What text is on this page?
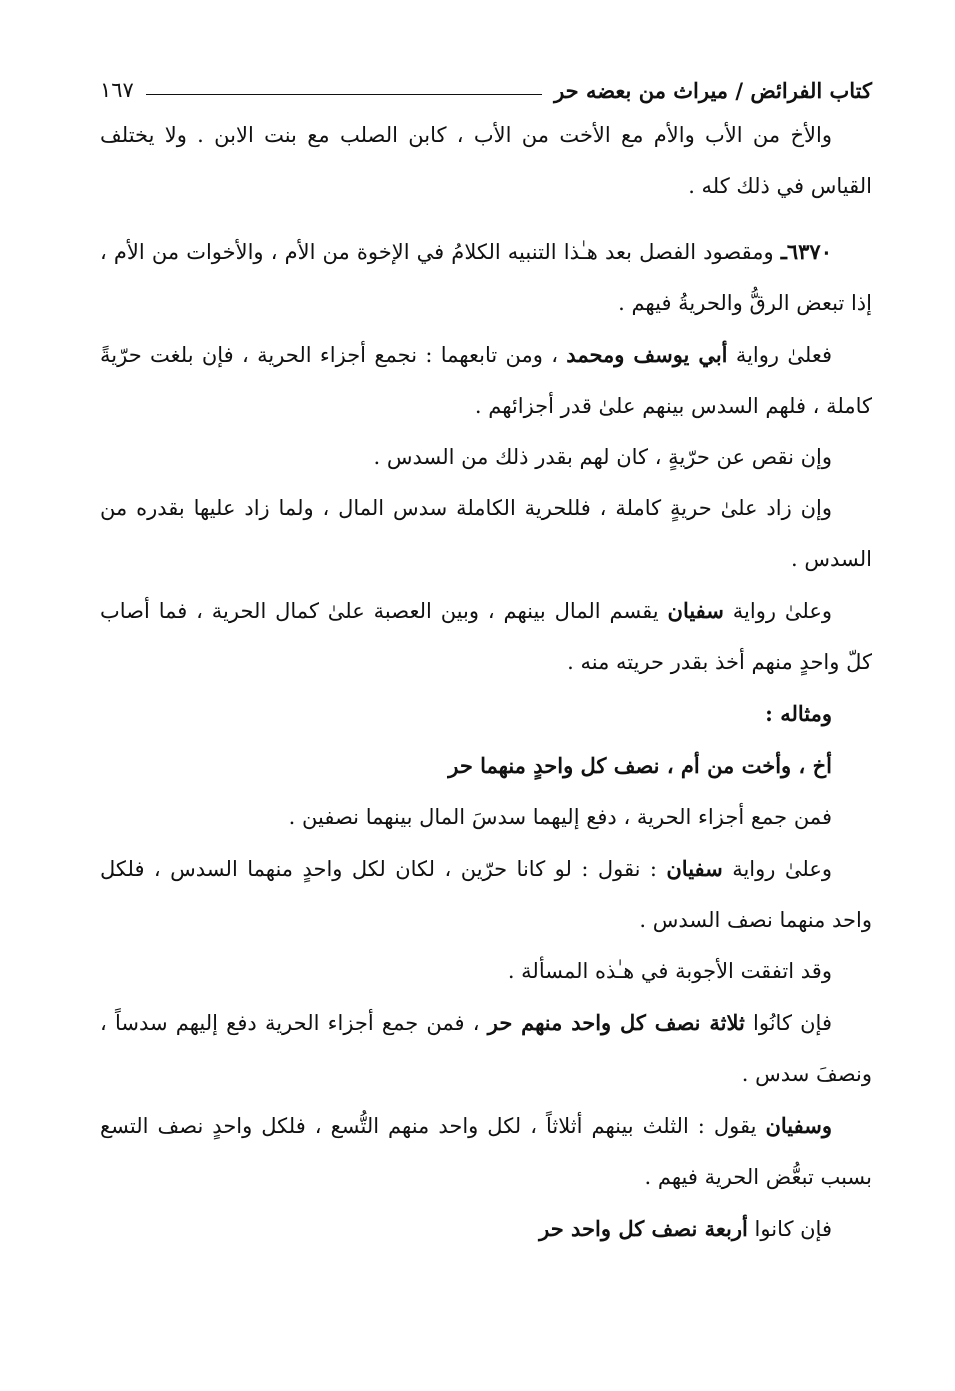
كتاب الفرائض / ميراث من بعضه حر
١٦٧

والأخ من الأب والأم مع الأخت من الأب ، كابن الصلب مع بنت الابن . ولا يختلف القياس في ذلك كله .

٦٣٧٠ـ ومقصود الفصل بعد هـٰذا التنبيه الكلامُ في الإخوة من الأم ، والأخوات من الأم ، إذا تبعض الرقُّ والحريةُ فيهم .

فعلىٰ رواية أبي يوسف ومحمد ، ومن تابعهما : نجمع أجزاء الحرية ، فإن بلغت حرّيةً كاملة ، فلهم السدس بينهم علىٰ قدر أجزائهم .

وإن نقص عن حرّيةٍ ، كان لهم بقدر ذلك من السدس .

وإن زاد علىٰ حريةٍ كاملة ، فللحرية الكاملة سدس المال ، ولما زاد عليها بقدره من السدس .

وعلىٰ رواية سفيان يقسم المال بينهم ، وبين العصبة علىٰ كمال الحرية ، فما أصاب كلّ واحدٍ منهم أخذ بقدر حريته منه .

ومثاله :

أخ ، وأخت من أم ، نصف كل واحدٍ منهما حر

فمن جمع أجزاء الحرية ، دفع إليهما سدسَ المال بينهما نصفين .

وعلىٰ رواية سفيان : نقول : لو كانا حرّين ، لكان لكل واحدٍ منهما السدس ، فلكل واحد منهما نصف السدس .

وقد اتفقت الأجوبة في هـٰذه المسألة .

فإن كانُوا ثلاثة نصف كل واحد منهم حر ، فمن جمع أجزاء الحرية دفع إليهم سدساً ، ونصفَ سدس .

وسفيان يقول : الثلث بينهم أثلاثاً ، لكل واحد منهم التُّسع ، فلكل واحدٍ نصف التسع بسبب تبعُّض الحرية فيهم .

فإن كانوا أربعة نصف كل واحد حر
